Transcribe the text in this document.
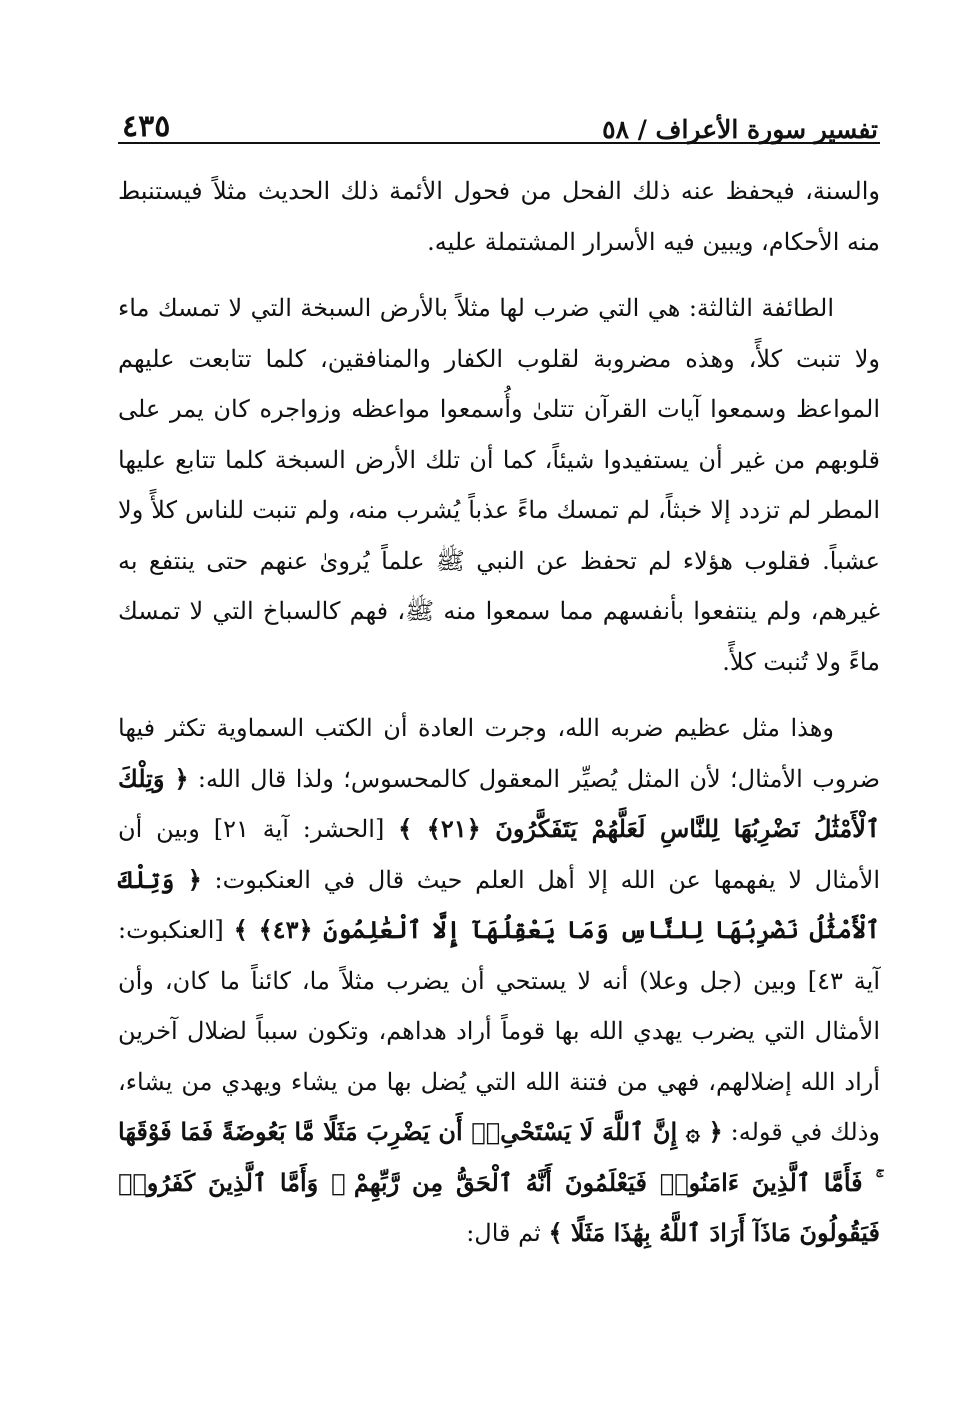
تفسير سورة الأعراف / ٥٨
٤٣٥

والسنة، فيحفظ عنه ذلك الفحل من فحول الأئمة ذلك الحديث مثلاً فيستنبط منه الأحكام، ويبين فيه الأسرار المشتملة عليه.

الطائفة الثالثة: هي التي ضرب لها مثلاً بالأرض السبخة التي لا تمسك ماء ولا تنبت كلأً، وهذه مضروبة لقلوب الكفار والمنافقين، كلما تتابعت عليهم المواعظ وسمعوا آيات القرآن تتلىٰ وأُسمعوا مواعظه وزواجره كان يمر على قلوبهم من غير أن يستفيدوا شيئاً، كما أن تلك الأرض السبخة كلما تتابع عليها المطر لم تزدد إلا خبثاً، لم تمسك ماءً عذباً يُشرب منه، ولم تنبت للناس كلأً ولا عشباً. فقلوب هؤلاء لم تحفظ عن النبي ﷺ علماً يُروىٰ عنهم حتى ينتفع به غيرهم، ولم ينتفعوا بأنفسهم مما سمعوا منه ﷺ، فهم كالسباخ التي لا تمسك ماءً ولا تُنبت كلأً.

وهذا مثل عظيم ضربه الله، وجرت العادة أن الكتب السماوية تكثر فيها ضروب الأمثال؛ لأن المثل يُصيِّر المعقول كالمحسوس؛ ولذا قال الله: ﴿ وَتِلْكَ ٱلْأَمْثَٰلُ نَضْرِبُهَا لِلنَّاسِ لَعَلَّهُمْ يَتَفَكَّرُونَ ﴿٢١﴾ ﴾ [الحشر: آية ٢١] وبين أن الأمثال لا يفهمها عن الله إلا أهل العلم حيث قال في العنكبوت: ﴿ وَتِلْكَ ٱلْأَمْثَٰلُ نَضْرِبُهَا لِلنَّاسِ وَمَا يَعْقِلُهَآ إِلَّا ٱلْعَٰلِمُونَ ﴿٤٣﴾ ﴾ [العنكبوت: آية ٤٣] وبين (جل وعلا) أنه لا يستحي أن يضرب مثلاً ما، كائناً ما كان، وأن الأمثال التي يضرب يهدي الله بها قوماً أراد هداهم، وتكون سبباً لضلال آخرين أراد الله إضلالهم، فهي من فتنة الله التي يُضل بها من يشاء ويهدي من يشاء، وذلك في قوله: ﴿ ۞ إِنَّ ٱللَّهَ لَا يَسْتَحْىِۦٓ أَن يَضْرِبَ مَثَلًا مَّا بَعُوضَةً فَمَا فَوْقَهَا ۚ فَأَمَّا ٱلَّذِينَ ءَامَنُوا۟ فَيَعْلَمُونَ أَنَّهُ ٱلْحَقُّ مِن رَّبِّهِمْ ۖ وَأَمَّا ٱلَّذِينَ كَفَرُوا۟ فَيَقُولُونَ مَاذَآ أَرَادَ ٱللَّهُ بِهَٰذَا مَثَلًا ﴾ ثم قال:
